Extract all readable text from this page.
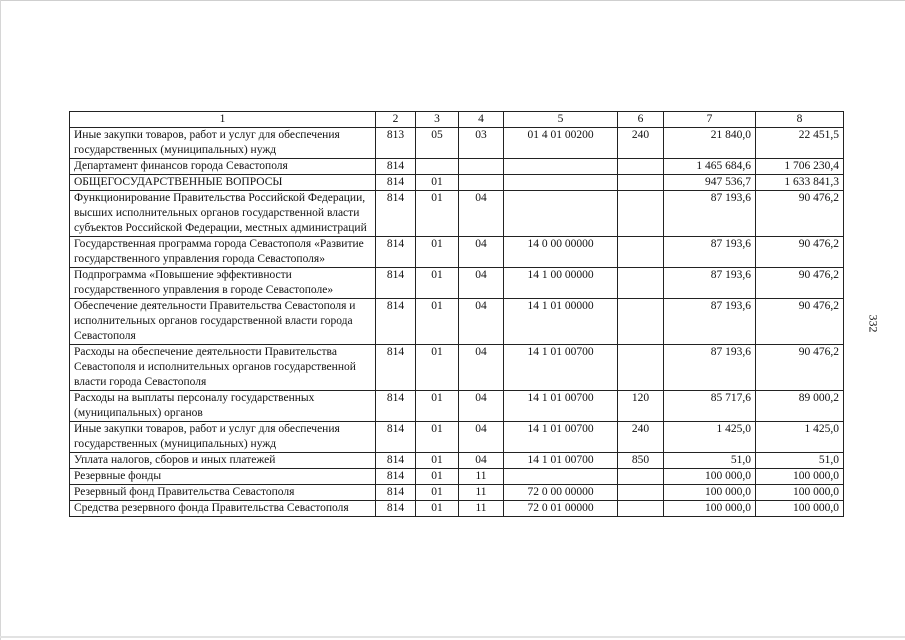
332
1	2	3	4	5	6	7	8
Иные закупки товаров, работ и услуг для обеспечения государственных (муниципальных) нужд	813	05	03	01 4 01 00200	240	21 840,0	22 451,5
Департамент финансов города Севастополя	814					1 465 684,6	1 706 230,4
ОБЩЕГОСУДАРСТВЕННЫЕ ВОПРОСЫ	814	01				947 536,7	1 633 841,3
Функционирование Правительства Российской Федерации, высших исполнительных органов государственной власти субъектов Российской Федерации, местных администраций	814	01	04			87 193,6	90 476,2
Государственная программа города Севастополя «Развитие государственного управления города Севастополя»	814	01	04	14 0 00 00000		87 193,6	90 476,2
Подпрограмма «Повышение эффективности государственного управления в городе Севастополе»	814	01	04	14 1 00 00000		87 193,6	90 476,2
Обеспечение деятельности Правительства Севастополя и исполнительных органов государственной власти города Севастополя	814	01	04	14 1 01 00000		87 193,6	90 476,2
Расходы на обеспечение деятельности Правительства Севастополя и исполнительных органов государственной власти города Севастополя	814	01	04	14 1 01 00700		87 193,6	90 476,2
Расходы на выплаты персоналу государственных (муниципальных) органов	814	01	04	14 1 01 00700	120	85 717,6	89 000,2
Иные закупки товаров, работ и услуг для обеспечения государственных (муниципальных) нужд	814	01	04	14 1 01 00700	240	1 425,0	1 425,0
Уплата налогов, сборов и иных платежей	814	01	04	14 1 01 00700	850	51,0	51,0
Резервные фонды	814	01	11			100 000,0	100 000,0
Резервный фонд Правительства Севастополя	814	01	11	72 0 00 00000		100 000,0	100 000,0
Средства резервного фонда Правительства Севастополя	814	01	11	72 0 01 00000		100 000,0	100 000,0
